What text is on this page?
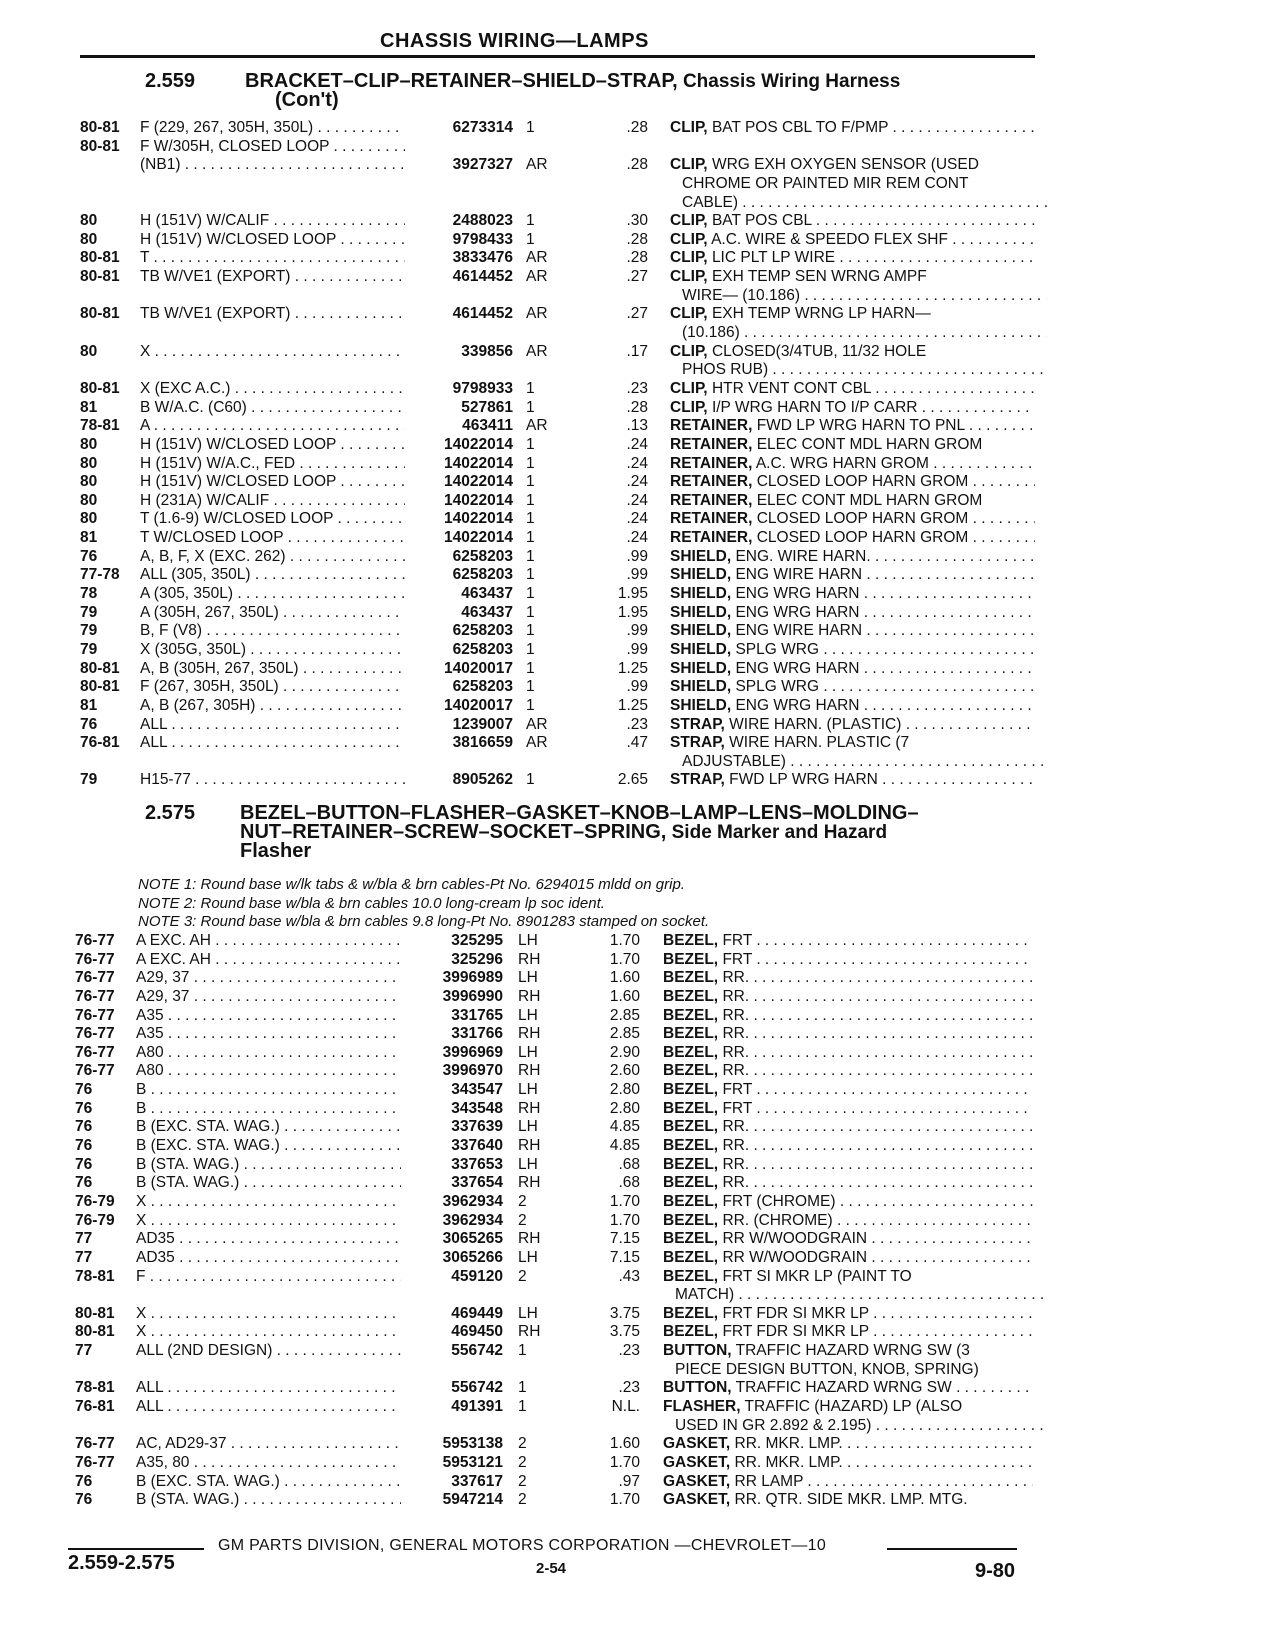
CHASSIS WIRING—LAMPS
2.559 BRACKET–CLIP–RETAINER–SHIELD–STRAP, Chassis Wiring Harness
(Con't)
80-81 F (229, 267, 305H, 350L) . . .	6273314 1	.28 CLIP, BAT POS CBL TO F/PMP . . .
80-81 F W/305H, CLOSED LOOP . . .
(NB1) . . .	3927327 AR	.28 CLIP, WRG EXH OXYGEN SENSOR (USED
CHROME OR PAINTED MIR REM CONT
CABLE) . . .
80	H (151V) W/CALIF . . .	2488023 1	.30 CLIP, BAT POS CBL . . .
80	H (151V) W/CLOSED LOOP . . .	9798433 1	.28 CLIP, A.C. WIRE & SPEEDO FLEX SHF . . .
80-81 T . . .	3833476 AR	.28 CLIP, LIC PLT LP WIRE . . .
80-81 TB W/VE1 (EXPORT) . . .	4614452 AR	.27 CLIP, EXH TEMP SEN WRNG AMPF
WIRE— (10.186) . . .
80-81 TB W/VE1 (EXPORT) . . .	4614452 AR	.27 CLIP, EXH TEMP WRNG LP HARN—
(10.186) . . .
80	X . . .	339856 AR	.17 CLIP, CLOSED(3/4TUB, 11/32 HOLE
PHOS RUB) . . .
80-81 X (EXC A.C.) . . .	9798933 1	.23 CLIP, HTR VENT CONT CBL . . .
81	B W/A.C. (C60) . . .	527861 1	.28 CLIP, I/P WRG HARN TO I/P CARR . . .
78-81 A . . .	463411 AR	.13 RETAINER, FWD LP WRG HARN TO PNL . . .
80	H (151V) W/CLOSED LOOP . . .	14022014 1	.24 RETAINER, ELEC CONT MDL HARN GROM
80	H (151V) W/A.C., FED . . .	14022014 1	.24 RETAINER, A.C. WRG HARN GROM . . .
80	H (151V) W/CLOSED LOOP . . .	14022014 1	.24 RETAINER, CLOSED LOOP HARN GROM . . .
80	H (231A) W/CALIF . . .	14022014 1	.24 RETAINER, ELEC CONT MDL HARN GROM
80	T (1.6-9) W/CLOSED LOOP . . .	14022014 1	.24 RETAINER, CLOSED LOOP HARN GROM . . .
81	T W/CLOSED LOOP . . .	14022014 1	.24 RETAINER, CLOSED LOOP HARN GROM . . .
76	A, B, F, X (EXC. 262) . . .	6258203 1	.99 SHIELD, ENG. WIRE HARN. . . .
77-78 ALL (305, 350L) . . .	6258203 1	.99 SHIELD, ENG WIRE HARN . . .
78	A (305, 350L) . . .	463437 1	1.95 SHIELD, ENG WRG HARN . . .
79	A (305H, 267, 350L) . . .	463437 1	1.95 SHIELD, ENG WRG HARN . . .
79	B, F (V8) . . .	6258203 1	.99 SHIELD, ENG WIRE HARN . . .
79	X (305G, 350L) . . .	6258203 1	.99 SHIELD, SPLG WRG . . .
80-81 A, B (305H, 267, 350L) . . .	14020017 1	1.25 SHIELD, ENG WRG HARN . . .
80-81 F (267, 305H, 350L) . . .	6258203 1	.99 SHIELD, SPLG WRG . . .
81	A, B (267, 305H) . . .	14020017 1	1.25 SHIELD, ENG WRG HARN . . .
76	ALL . . .	1239007 AR	.23 STRAP, WIRE HARN. (PLASTIC) . . .
76-81 ALL . . .	3816659 AR	.47 STRAP, WIRE HARN. PLASTIC (7
ADJUSTABLE) . . .
79	H15-77 . . .	8905262 1	2.65 STRAP, FWD LP WRG HARN . . .
2.575 BEZEL–BUTTON–FLASHER–GASKET–KNOB–LAMP–LENS–MOLDING–
NUT–RETAINER–SCREW–SOCKET–SPRING, Side Marker and Hazard
Flasher
NOTE 1: Round base w/lk tabs & w/bla & brn cables-Pt No. 6294015 mldd on grip.
NOTE 2: Round base w/bla & brn cables 10.0 long-cream lp soc ident.
NOTE 3: Round base w/bla & brn cables 9.8 long-Pt No. 8901283 stamped on socket.
76-77 A EXC. AH . . .	325295 LH	1.70 BEZEL, FRT . . .
76-77 A EXC. AH . . .	325296 RH	1.70 BEZEL, FRT . . .
76-77 A29, 37 . . .	3996989 LH	1.60 BEZEL, RR. . . .
76-77 A29, 37 . . .	3996990 RH	1.60 BEZEL, RR. . . .
76-77 A35 . . .	331765 LH	2.85 BEZEL, RR. . . .
76-77 A35 . . .	331766 RH	2.85 BEZEL, RR. . . .
76-77 A80 . . .	3996969 LH	2.90 BEZEL, RR. . . .
76-77 A80 . . .	3996970 RH	2.60 BEZEL, RR. . . .
76	B . . .	343547 LH	2.80 BEZEL, FRT . . .
76	B . . .	343548 RH	2.80 BEZEL, FRT . . .
76	B (EXC. STA. WAG.) . . .	337639 LH	4.85 BEZEL, RR. . . .
76	B (EXC. STA. WAG.) . . .	337640 RH	4.85 BEZEL, RR. . . .
76	B (STA. WAG.) . . .	337653 LH	.68 BEZEL, RR. . . .
76	B (STA. WAG.) . . .	337654 RH	.68 BEZEL, RR. . . .
76-79 X . . .	3962934 2	1.70 BEZEL, FRT (CHROME) . . .
76-79 X . . .	3962934 2	1.70 BEZEL, RR. (CHROME) . . .
77	AD35 . . .	3065265 RH	7.15 BEZEL, RR W/WOODGRAIN . . .
77	AD35 . . .	3065266 LH	7.15 BEZEL, RR W/WOODGRAIN . . .
78-81 F . . .	459120 2	.43 BEZEL, FRT SI MKR LP (PAINT TO
MATCH) . . .
80-81 X . . .	469449 LH	3.75 BEZEL, FRT FDR SI MKR LP . . .
80-81 X . . .	469450 RH	3.75 BEZEL, FRT FDR SI MKR LP . . .
77	ALL (2ND DESIGN) . . .	556742 1	.23 BUTTON, TRAFFIC HAZARD WRNG SW (3
PIECE DESIGN BUTTON, KNOB, SPRING)
78-81 ALL . . .	556742 1	.23 BUTTON, TRAFFIC HAZARD WRNG SW . . .
76-81 ALL . . .	491391 1	N.L. FLASHER, TRAFFIC (HAZARD) LP (ALSO
USED IN GR 2.892 & 2.195) . . .
76-77 AC, AD29-37 . . .	5953138 2	1.60 GASKET, RR. MKR. LMP. . . .
76-77 A35, 80 . . .	5953121 2	1.70 GASKET, RR. MKR. LMP. . . .
76	B (EXC. STA. WAG.) . . .	337617 2	.97 GASKET, RR LAMP . . .
76	B (STA. WAG.) . . .	5947214 2	1.70 GASKET, RR. QTR. SIDE MKR. LMP. MTG.
GM PARTS DIVISION, GENERAL MOTORS CORPORATION —CHEVROLET—10
2.559-2.575	2-54	9-80
